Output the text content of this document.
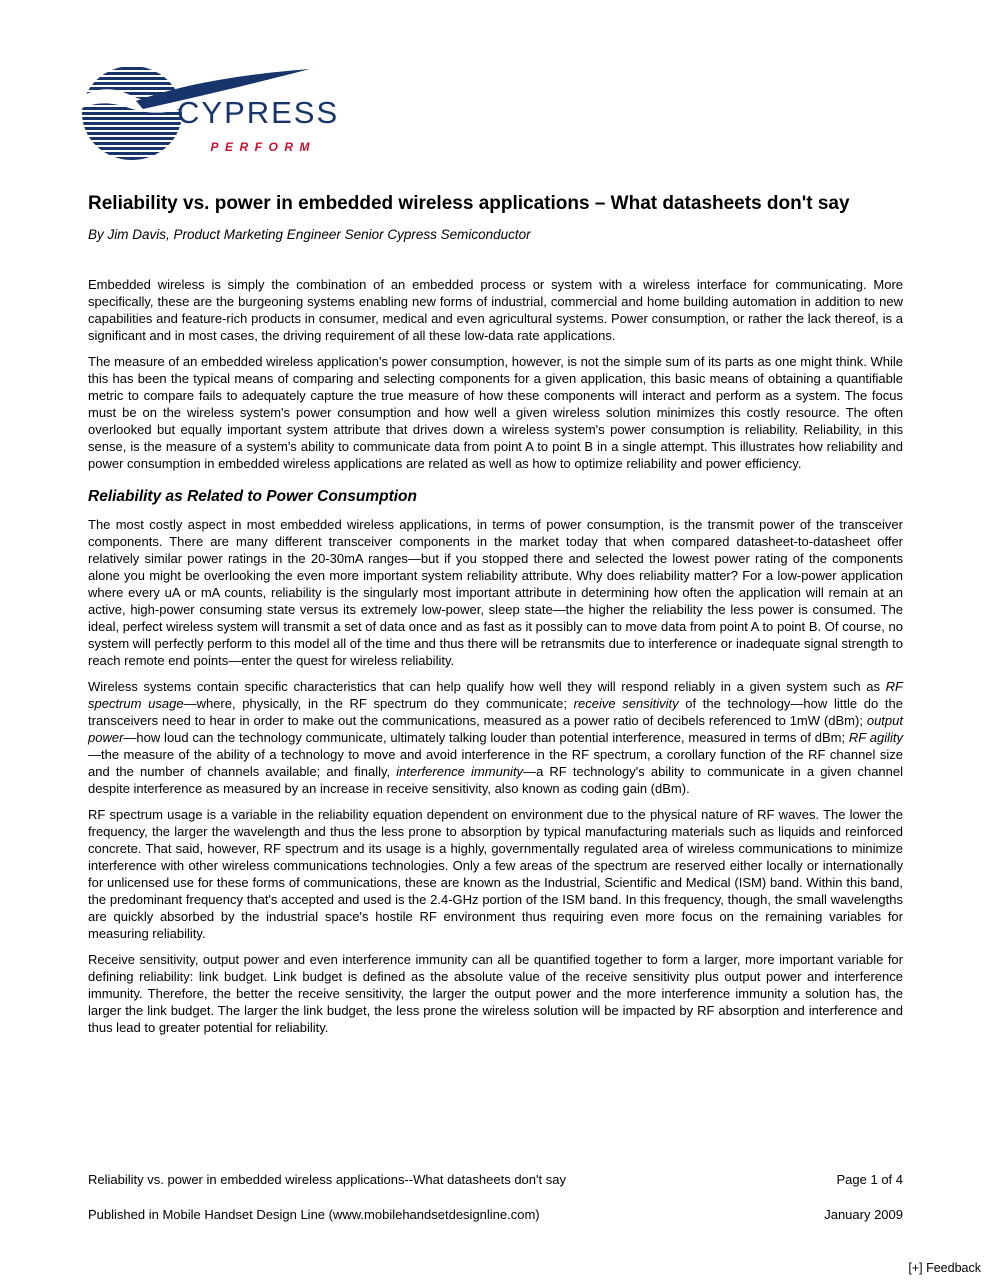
CYPRESS
PERFORM
Reliability vs. power in embedded wireless applications – What datasheets don't say
By Jim Davis, Product Marketing Engineer Senior Cypress Semiconductor

Embedded wireless is simply the combination of an embedded process or system with a wireless interface for communicating. More specifically, these are the burgeoning systems enabling new forms of industrial, commercial and home building automation in addition to new capabilities and feature-rich products in consumer, medical and even agricultural systems. Power consumption, or rather the lack thereof, is a significant and in most cases, the driving requirement of all these low-data rate applications.

The measure of an embedded wireless application's power consumption, however, is not the simple sum of its parts as one might think. While this has been the typical means of comparing and selecting components for a given application, this basic means of obtaining a quantifiable metric to compare fails to adequately capture the true measure of how these components will interact and perform as a system. The focus must be on the wireless system's power consumption and how well a given wireless solution minimizes this costly resource. The often overlooked but equally important system attribute that drives down a wireless system's power consumption is reliability. Reliability, in this sense, is the measure of a system's ability to communicate data from point A to point B in a single attempt. This illustrates how reliability and power consumption in embedded wireless applications are related as well as how to optimize reliability and power efficiency.

Reliability as Related to Power Consumption

The most costly aspect in most embedded wireless applications, in terms of power consumption, is the transmit power of the transceiver components. There are many different transceiver components in the market today that when compared datasheet-to-datasheet offer relatively similar power ratings in the 20-30mA ranges—but if you stopped there and selected the lowest power rating of the components alone you might be overlooking the even more important system reliability attribute. Why does reliability matter? For a low-power application where every uA or mA counts, reliability is the singularly most important attribute in determining how often the application will remain at an active, high-power consuming state versus its extremely low-power, sleep state—the higher the reliability the less power is consumed. The ideal, perfect wireless system will transmit a set of data once and as fast as it possibly can to move data from point A to point B. Of course, no system will perfectly perform to this model all of the time and thus there will be retransmits due to interference or inadequate signal strength to reach remote end points—enter the quest for wireless reliability.

Wireless systems contain specific characteristics that can help qualify how well they will respond reliably in a given system such as RF spectrum usage—where, physically, in the RF spectrum do they communicate; receive sensitivity of the technology—how little do the transceivers need to hear in order to make out the communications, measured as a power ratio of decibels referenced to 1mW (dBm); output power—how loud can the technology communicate, ultimately talking louder than potential interference, measured in terms of dBm; RF agility—the measure of the ability of a technology to move and avoid interference in the RF spectrum, a corollary function of the RF channel size and the number of channels available; and finally, interference immunity—a RF technology's ability to communicate in a given channel despite interference as measured by an increase in receive sensitivity, also known as coding gain (dBm).

RF spectrum usage is a variable in the reliability equation dependent on environment due to the physical nature of RF waves. The lower the frequency, the larger the wavelength and thus the less prone to absorption by typical manufacturing materials such as liquids and reinforced concrete. That said, however, RF spectrum and its usage is a highly, governmentally regulated area of wireless communications to minimize interference with other wireless communications technologies. Only a few areas of the spectrum are reserved either locally or internationally for unlicensed use for these forms of communications, these are known as the Industrial, Scientific and Medical (ISM) band. Within this band, the predominant frequency that's accepted and used is the 2.4-GHz portion of the ISM band. In this frequency, though, the small wavelengths are quickly absorbed by the industrial space's hostile RF environment thus requiring even more focus on the remaining variables for measuring reliability.

Receive sensitivity, output power and even interference immunity can all be quantified together to form a larger, more important variable for defining reliability: link budget. Link budget is defined as the absolute value of the receive sensitivity plus output power and interference immunity. Therefore, the better the receive sensitivity, the larger the output power and the more interference immunity a solution has, the larger the link budget. The larger the link budget, the less prone the wireless solution will be impacted by RF absorption and interference and thus lead to greater potential for reliability.

Reliability vs. power in embedded wireless applications--What datasheets don't say	Page 1 of 4
Published in Mobile Handset Design Line (www.mobilehandsetdesignline.com)	January 2009
[+] Feedback
